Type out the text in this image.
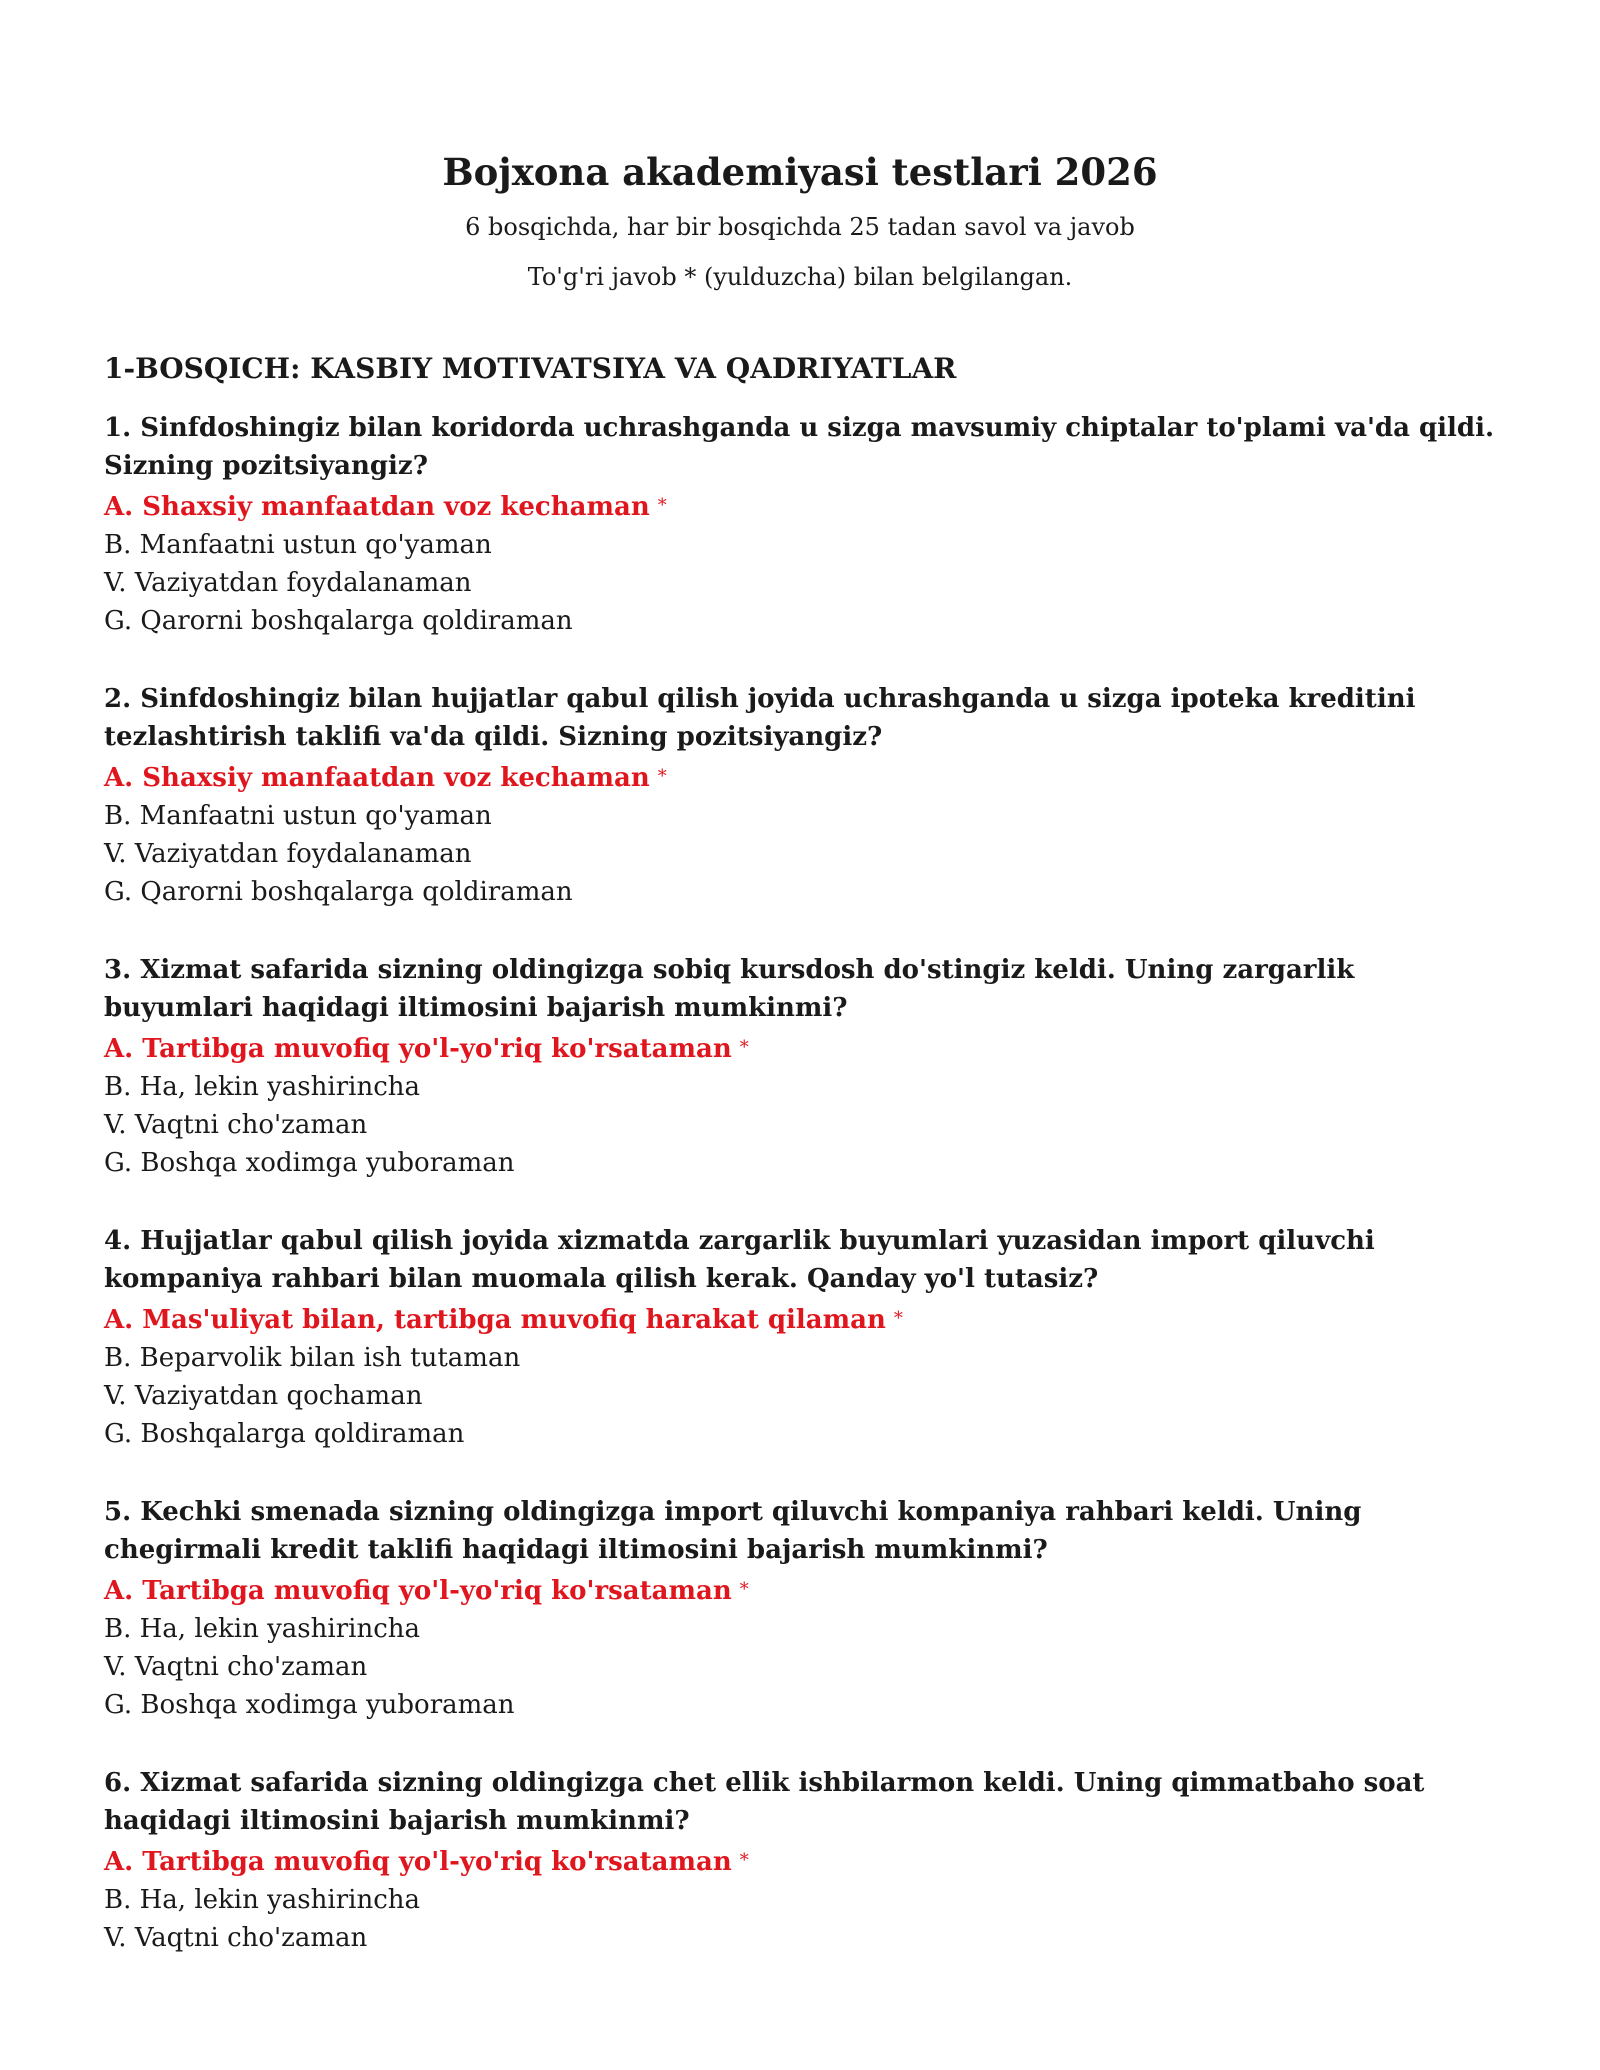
Bojxona akademiyasi testlari 2026

6 bosqichda, har bir bosqichda 25 tadan savol va javob

To'g'ri javob * (yulduzcha) bilan belgilangan.

1-BOSQICH: KASBIY MOTIVATSIYA VA QADRIYATLAR

1. Sinfdoshingiz bilan koridorda uchrashganda u sizga mavsumiy chiptalar to'plami va'da qildi. Sizning pozitsiyangiz?

A. Shaxsiy manfaatdan voz kechaman *

B. Manfaatni ustun qo'yaman

V. Vaziyatdan foydalanaman

G. Qarorni boshqalarga qoldiraman

2. Sinfdoshingiz bilan hujjatlar qabul qilish joyida uchrashganda u sizga ipoteka kreditini tezlashtirish taklifi va'da qildi. Sizning pozitsiyangiz?

A. Shaxsiy manfaatdan voz kechaman *

B. Manfaatni ustun qo'yaman

V. Vaziyatdan foydalanaman

G. Qarorni boshqalarga qoldiraman

3. Xizmat safarida sizning oldingizga sobiq kursdosh do'stingiz keldi. Uning zargarlik buyumlari haqidagi iltimosini bajarish mumkinmi?

A. Tartibga muvofiq yo'l-yo'riq ko'rsataman *

B. Ha, lekin yashirincha

V. Vaqtni cho'zaman

G. Boshqa xodimga yuboraman

4. Hujjatlar qabul qilish joyida xizmatda zargarlik buyumlari yuzasidan import qiluvchi kompaniya rahbari bilan muomala qilish kerak. Qanday yo'l tutasiz?

A. Mas'uliyat bilan, tartibga muvofiq harakat qilaman *

B. Beparvolik bilan ish tutaman

V. Vaziyatdan qochaman

G. Boshqalarga qoldiraman

5. Kechki smenada sizning oldingizga import qiluvchi kompaniya rahbari keldi. Uning chegirmali kredit taklifi haqidagi iltimosini bajarish mumkinmi?

A. Tartibga muvofiq yo'l-yo'riq ko'rsataman *

B. Ha, lekin yashirincha

V. Vaqtni cho'zaman

G. Boshqa xodimga yuboraman

6. Xizmat safarida sizning oldingizga chet ellik ishbilarmon keldi. Uning qimmatbaho soat haqidagi iltimosini bajarish mumkinmi?

A. Tartibga muvofiq yo'l-yo'riq ko'rsataman *

B. Ha, lekin yashirincha

V. Vaqtni cho'zaman
